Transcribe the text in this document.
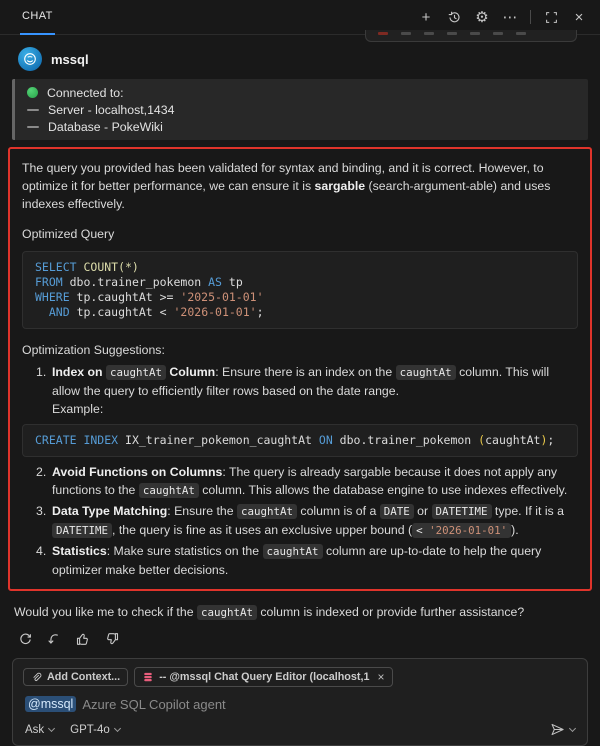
CHAT	+	⚙ ⋯	×
mssql
Connected to:
Server - localhost,1434
Database - PokeWiki

The query you provided has been validated for syntax and binding, and it is correct. However, to optimize it for better performance, we can ensure it is sargable (search-argument-able) and uses indexes effectively.

Optimized Query
SELECT COUNT(*)
FROM dbo.trainer_pokemon AS tp
WHERE tp.caughtAt >= '2025-01-01'
AND tp.caughtAt < '2026-01-01';
Optimization Suggestions:
1. Index on caughtAt Column: Ensure there is an index on the caughtAt column. This will allow the query to efficiently filter rows based on the date range.
Example:
CREATE INDEX IX_trainer_pokemon_caughtAt ON dbo.trainer_pokemon (caughtAt);
2. Avoid Functions on Columns: The query is already sargable because it does not apply any functions to the caughtAt column. This allows the database engine to use indexes effectively.
3. Data Type Matching: Ensure the caughtAt column is of a DATE or DATETIME type. If it is a DATETIME , the query is fine as it uses an exclusive upper bound ( < '2026-01-01' ).
4. Statistics: Make sure statistics on the caughtAt column are up-to-date to help the query optimizer make better decisions.

Would you like me to check if the caughtAt column is indexed or provide further assistance?

Add Context...	-- @mssql Chat Query Editor (localhost,1 ×
@mssql Azure SQL Copilot agent
Ask GPT-4o
